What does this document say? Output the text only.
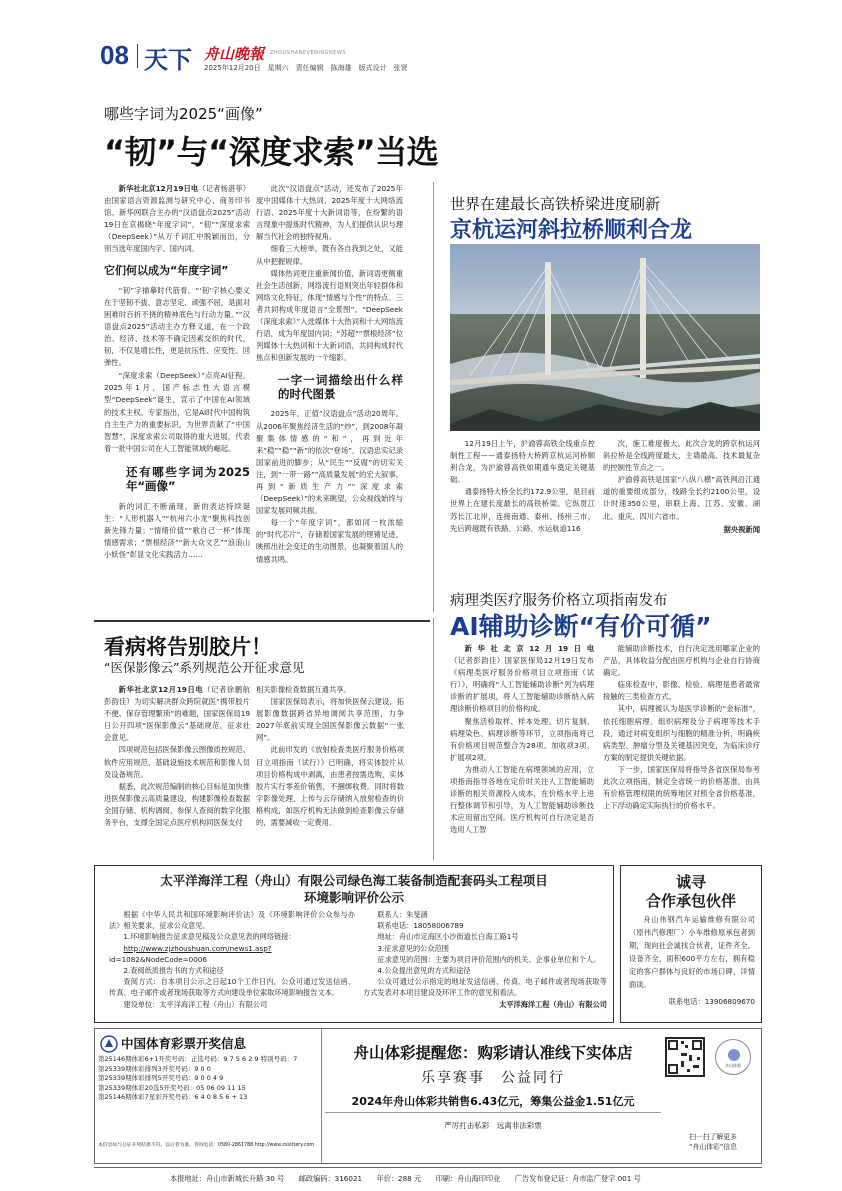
08 天下 舟山晚報 ZHOUSHANEVENINGNEWS
2025年12月20日　星期六　责任编辑　陈海雄　版式设计　张贤
哪些字词为2025“画像”
“韧”与“深度求索”当选

新华社北京12月19日电（记者杨湛菲）由国家语言资源监测与研究中心、商务印书馆、新华网联合主办的“汉语盘点2025”活动19日在京揭晓“年度字词”，“韧”“深度求索（DeepSeek）”从万千词汇中脱颖而出，分别当选年度国内字、国内词。

它们何以成为“年度字词”

“韧”字描摹时代筋骨。“‘韧’字核心要义在于坚韧不拔、意志坚定、顽强不屈，是面对困难时百折不挠的精神底色与行动力量。”“汉语盘点2025”活动主办方释义道，在一个政治、经济、技术等不确定因素交织的时代，韧，不仅是增长性，更是抗压性、应变性、回弹性。

“深度求索（DeepSeek）”点亮AI征程。2025年1月，国产标志性大语言模型“DeepSeek”诞生，宣示了中国在AI领域的技术主权。专家指出，它是AI时代中国构筑自主生产力的重要标识，为世界贡献了“中国智慧”，深度求索公司取得的重大进展，代表着一批中国公司在人工智能领域的崛起。

还有哪些字词为2025年“画像”

新的词汇不断涌现，新的表达持续诞生：“人形机器人”“杭州六小龙”聚焦科技创新先锋力量；“情绪价值”“歌自己一杯”体现情感需求；“票根经济”“新大众文艺”“浪浪山小妖怪”彰显文化实践活力……

此次“汉语盘点”活动，还发布了2025年度中国媒体十大热词、2025年度十大网络流行语、2025年度十大新词语等，在纷繁的语言现象中提炼时代精神，为人们提供认识与理解当代社会的独特视角。

细看三大榜单，既有各自我到之处，又能从中把握规律。

媒体热词更注重新闻价值，新词语更侧重社会生活创新，网络流行语则突出年轻群体和网络文化特征，体现“情感与个性”的特点。三者共同构成年度语言“全景图”。“DeepSeek（深度求索）”入选媒体十大热词和十大网络流行语，成为年度国内词；“苏超”“票根经济”位列媒体十大热词和十大新词语，共同构成时代焦点和创新发展的一个缩影。

一字一词描绘出什么样的时代图景

2025年，正值“汉语盘点”活动20周年。从2006年聚焦经济生活的“炒”，到2008年凝聚集体情感的“和”，再到近年来“稳”“稳”“新”的依次“登场”，汉语忠实记录国家前进的脚步；从“民生”“反腐”的切实关注，到“一带一路”“高质量发展”的宏大叙事，再到“新质生产力”“深度求索（DeepSeek）”的未来眺望，公众视线始终与国家发展同频共振。

每一个“年度字词”，都如同一枚浓缩的“时代芯片”，存储着国家发展的铿锵足迹，映照出社会变迁的生动图景，也凝聚着国人的情感共鸣。

世界在建最长高铁桥梁进度刷新
京杭运河斜拉桥顺利合龙

12月19日上午，沪渝蓉高铁全线重点控制性工程——通泰扬特大桥跨京杭运河桥顺利合龙，为沪渝蓉高铁如期通车奠定关键基础。

通泰扬特大桥全长约172.9公里，是目前世界上在建长度最长的高铁桥梁。它纵贯江苏长江北岸，连接南通、泰州、扬州三市，先后跨越既有铁路、公路、水运航道116

次，施工难度极大。此次合龙的跨京杭运河斜拉桥是全线跨度最大、主墙最高、技术最复杂的控制性节点之一。

沪渝蓉高铁是国家“八纵八横”高铁网沿江通道的重要组成部分，线路全长约2100公里，设计时速350公里，串联上海、江苏、安徽、湖北、重庆、四川六省市。

据央视新闻
病理类医疗服务价格立项指南发布
AI辅助诊断“有价可循”

新华社北京12月19日电（记者彭韵佳）国家医保局12月19日发布《病理类医疗服务价格项目立项指南（试行）》，明确将“人工智能辅助诊断”列为病理诊断的扩展项，将人工智能辅助诊断纳入病理诊断价格项目的价格构成。

聚焦活检取样、样本处理、切片复制、病理染色、病理诊断等环节，立项指南将已有价格项目规范整合为28项、加收项3项、扩展项2项。

为推动人工智能在病理领域的应用，立项指南指导各地在定价时关注人工智能辅助诊断的相关资源投入成本，在价格水平上进行整体调节和引导，为人工智能辅助诊断技术应用留出空间。医疗机构可自行决定是否选用人工智

能辅助诊断技术，自行决定选用哪家企业的产品，具体收益分配由医疗机构与企业自行协商确定。

临床检查中，影像、检验、病理是患者最常接触的三类检查方式。

其中，病理被认为是医学诊断的“金标准”，依托细胞病理、组织病理及分子病理等技术手段，通过对病变组织与细胞的精准分析，明确疾病类型、肿瘤分型及关键基因突变，为临床诊疗方案的制定提供关键依据。

下一步，国家医保局将指导各省医保局参考此次立项指南，制定全省统一的价格基准，由具有价格管理权限的统筹地区对照全省价格基准，上下浮动确定实际执行的价格水平。

看病将告别胶片！
“医保影像云”系列规范公开征求意见

新华社北京12月19日电（记者徐鹏航　彭韵佳）为切实解决群众跨院就医“携带胶片不便、保存管理繁琐”的难题，国家医保局19日公开四项“医保影像云”基础规范，征求社会意见。

四项规范包括医保影像云图像质控规范、软件应用规范、基础设施技术规范和影像人员及设备规范。

据悉，此次规范编制的核心目标是加快推进医保影像云高质量建设，构建影像检查数据全国存储、机构调阅、参保人查阅的数字化服务平台，支撑全国定点医疗机构同医保支付

相关影像检查数据互通共享。

国家医保局表示，将加快医保云建设，拓展影像数据跨省异地调阅共享范围，力争2027年底前实现全国医保影像云数据“一张网”。

此前印发的《放射检查类医疗服务价格项目立项指南（试行）》已明确，将实体胶片从项目价格构成中剥离，由患者按需选购，实体胶片实行零差价销售，不捆绑收费。同时将数字影像处理、上传与云存储纳入放射检查的价格构成，如医疗机构无法做到检查影像云存储的，需要减收一定费用。

太平洋海洋工程（舟山）有限公司绿色海工装备制造配套码头工程项目
环境影响评价公示

根据《中华人民共和国环境影响评价法》及《环境影响评价公众参与办法》相关要求，征求公众意见。

1.环境影响报告征求意见稿及公众意见表的网络链接：

http://www.zjzhoushuan.com/news1.asp?
id=1082&NodeCode=0006

2.查阅纸质报告书的方式和途径

查阅方式：自本项目公示之日起10个工作日内，公众可通过发送信函、传真、电子邮件或者现场获取等方式向建设单位索取环境影响报告文本。

建设单位：太平洋海洋工程（舟山）有限公司

联系人：朱旻涵

联系电话：18058006789

地址：舟山市定海区小沙街道长白海工路1号

3.征求意见的公众范围

征求意见的范围：主要为项目评价范围内的机关、企事业单位和个人。

4.公众提出意见的方式和途径

公众可通过公示指定的地址发送信函、传真、电子邮件或者现场获取等方式发表对本项目建设及环评工作的意见和看法。

太平洋海洋工程（舟山）有限公司
诚寻
合作承包伙伴

舟山伟钢汽车运输维修有限公司（原伟汽修理厂）小车维修原承包者到期，现向社会诚找合伙者，证件齐全，设备齐全，面积600平方左右，拥有稳定的客户群体与良好的市场口碑，详情面谈。

联系电话：13906809670
中国体育彩票开奖信息
第25146期体彩6+1开奖号码：正选号码：9 7 5 6 2 9 特别号码：7
第25339期体彩排列3开奖号码：9 0 0
第25339期体彩排列5开奖号码：9 0 0 4 9
第25339期体彩20选5开奖号码：05 06 09 11 15
第25146期体彩7星彩开奖号码：6 4 0 8 5 6 + 13
本信息如与公证开奖结果不符，以后者为准。咨询电话：0580-2861788 http://www.zslottery.com
舟山体彩提醒您：购彩请认准线下实体店
乐享赛事　公益同行
2024年舟山体彩共销售6.43亿元，筹集公益金1.51亿元
严厉打击私彩　远离非法彩票
舟山体彩
扫一扫了解更多
“舟山体彩”信息
本报地址：舟山市新城长升路 30 号　　邮政编码：316021　　年价：288 元　　印刷：舟山海印印业　　广告发布登记证：舟市监广登字 001 号
